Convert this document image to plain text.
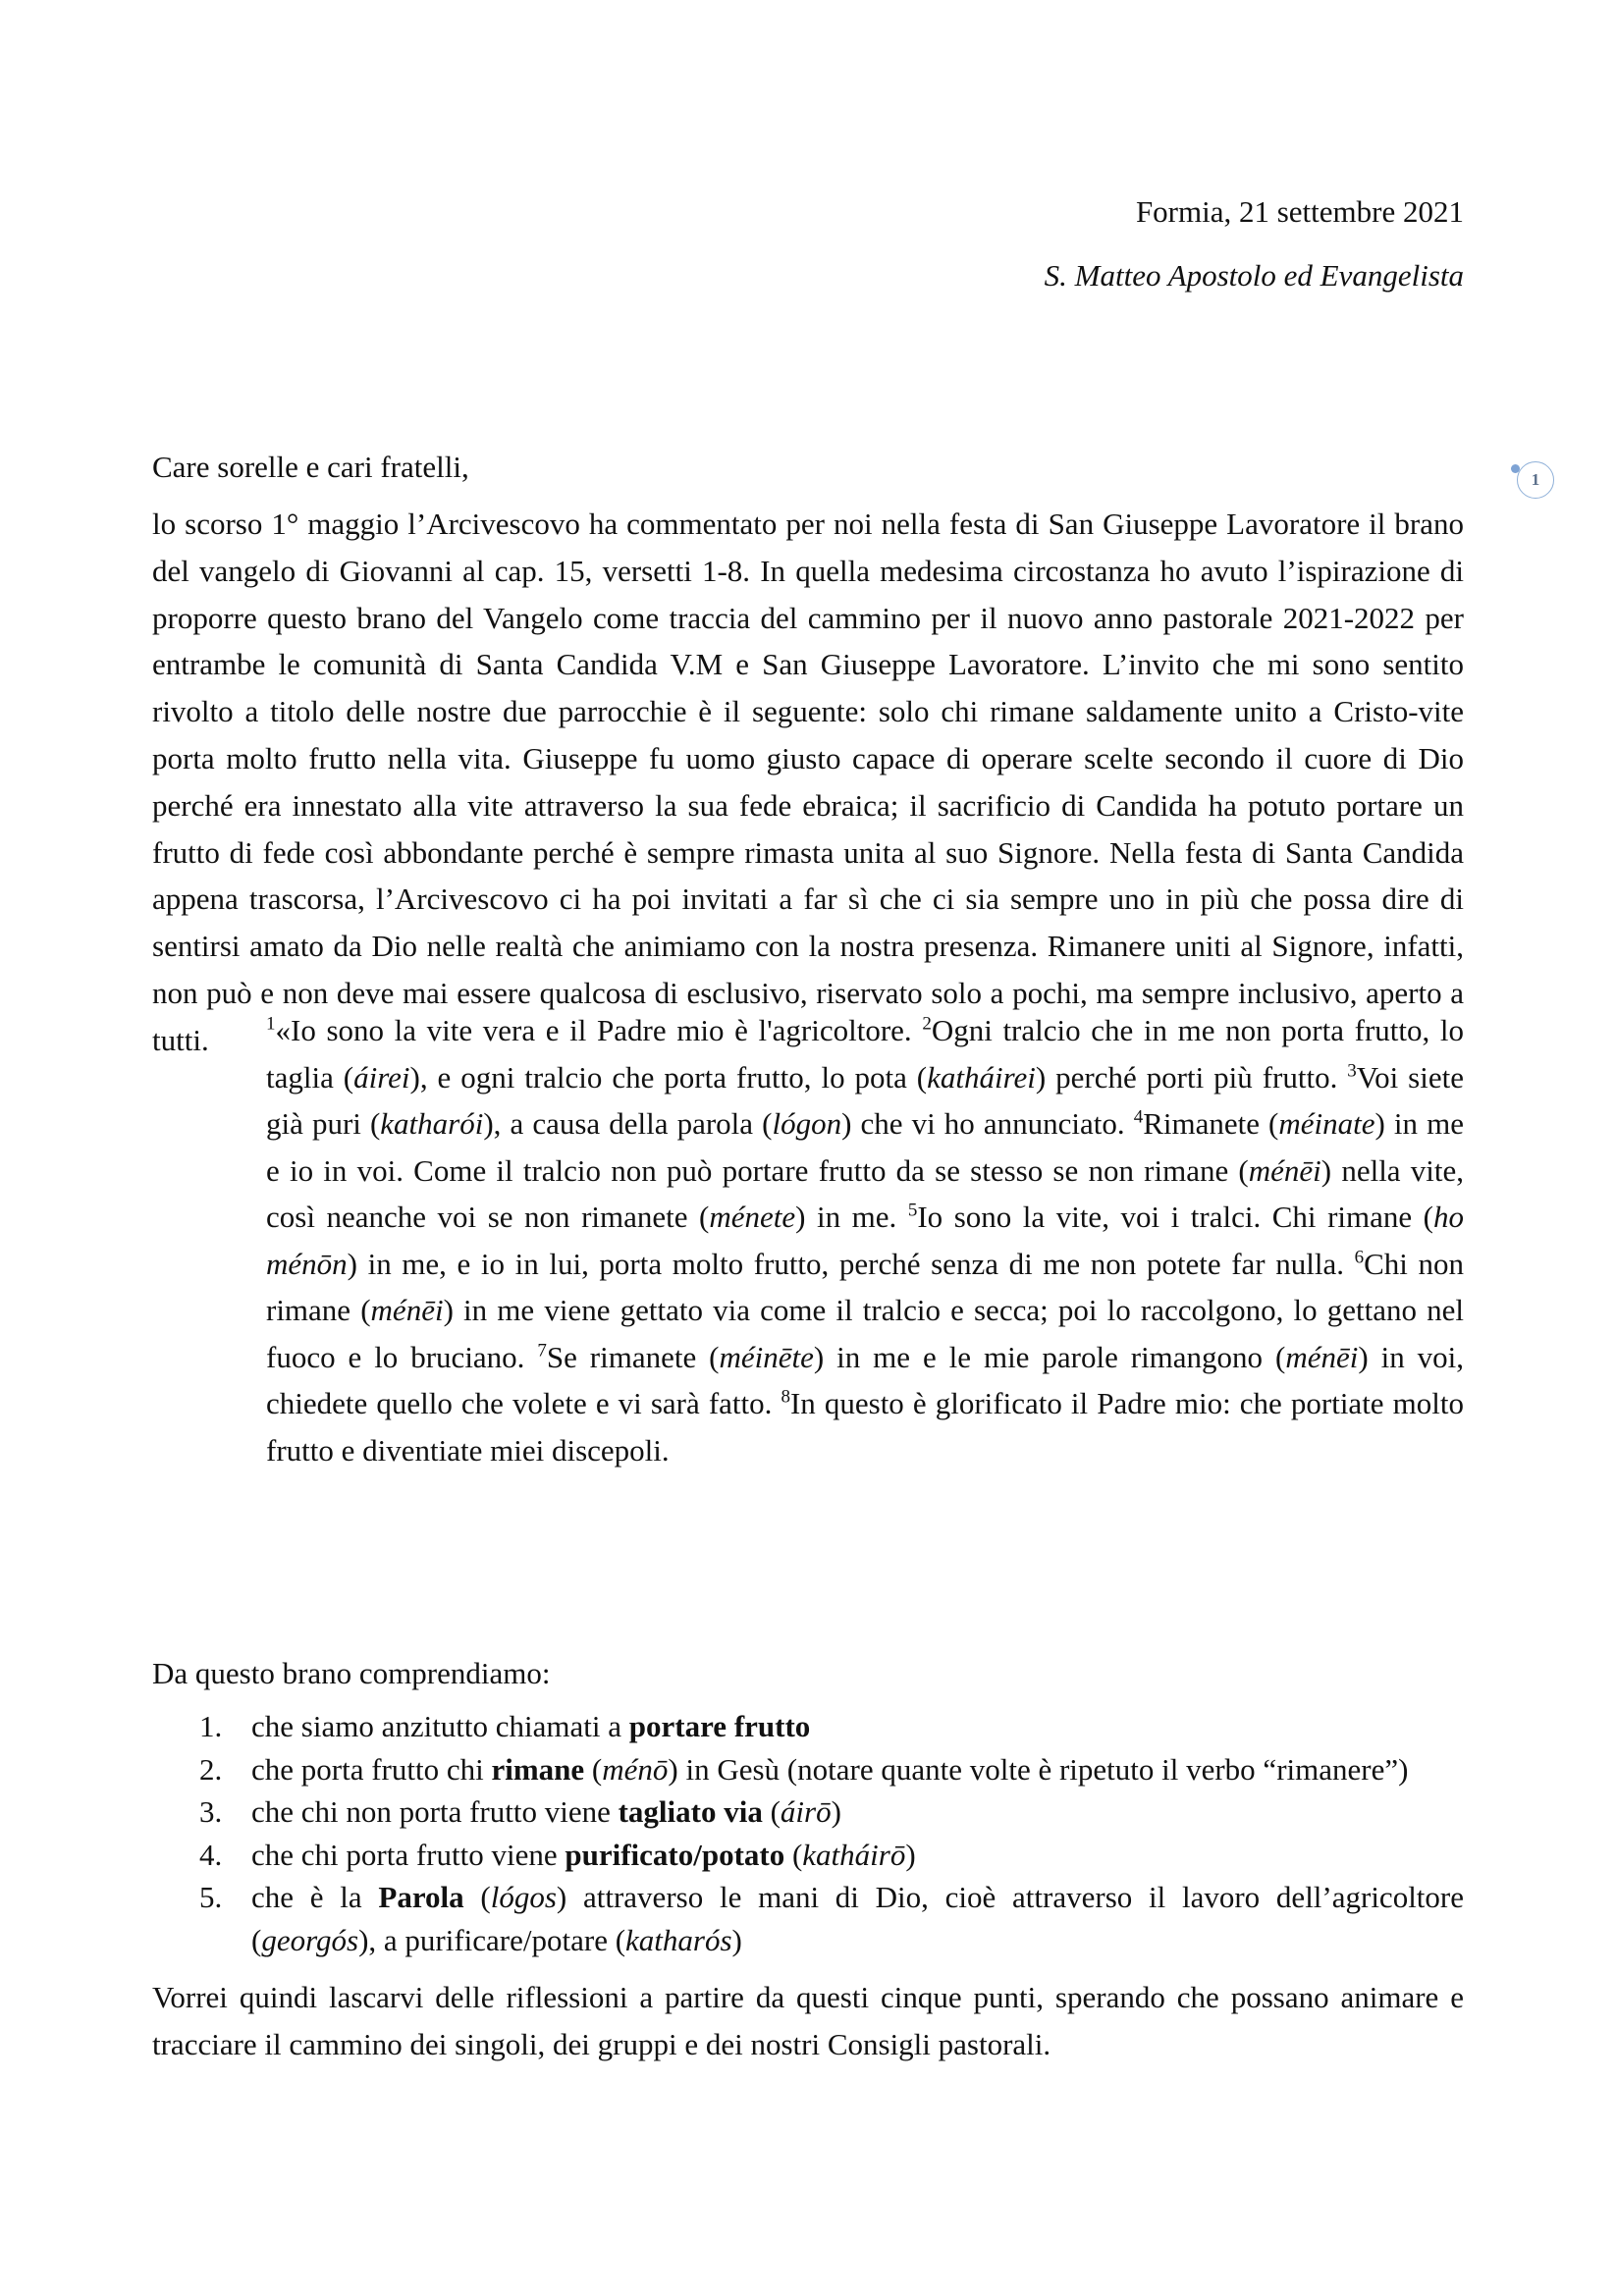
Formia, 21 settembre 2021
S. Matteo Apostolo ed Evangelista
1
Care sorelle e cari fratelli,
lo scorso 1° maggio l’Arcivescovo ha commentato per noi nella festa di San Giuseppe Lavoratore il brano del vangelo di Giovanni al cap. 15, versetti 1-8. In quella medesima circostanza ho avuto l’ispirazione di proporre questo brano del Vangelo come traccia del cammino per il nuovo anno pastorale 2021-2022 per entrambe le comunità di Santa Candida V.M e San Giuseppe Lavoratore. L’invito che mi sono sentito rivolto a titolo delle nostre due parrocchie è il seguente: solo chi rimane saldamente unito a Cristo-vite porta molto frutto nella vita. Giuseppe fu uomo giusto capace di operare scelte secondo il cuore di Dio perché era innestato alla vite attraverso la sua fede ebraica; il sacrificio di Candida ha potuto portare un frutto di fede così abbondante perché è sempre rimasta unita al suo Signore. Nella festa di Santa Candida appena trascorsa, l’Arcivescovo ci ha poi invitati a far sì che ci sia sempre uno in più che possa dire di sentirsi amato da Dio nelle realtà che animiamo con la nostra presenza. Rimanere uniti al Signore, infatti, non può e non deve mai essere qualcosa di esclusivo, riservato solo a pochi, ma sempre inclusivo, aperto a tutti.	$^1$«Io sono la vite vera e il Padre mio è l'agricoltore. $^2$Ogni tralcio che in me non porta frutto, lo taglia (áirei), e ogni tralcio che porta frutto, lo pota (katháirei) perché porti più frutto. $^3$Voi siete già puri (katharói), a causa della parola (lógon) che vi ho annunciato. $^4$Rimanete (méinate) in me e io in voi. Come il tralcio non può portare frutto da se stesso se non rimane (ménēi) nella vite, così neanche voi se non rimanete (ménete) in me. $^5$Io sono la vite, voi i tralci. Chi rimane (ho ménōn) in me, e io in lui, porta molto frutto, perché senza di me non potete far nulla. $^6$Chi non rimane (ménēi) in me viene gettato via come il tralcio e secca; poi lo raccolgono, lo gettano nel fuoco e lo bruciano. $^7$Se rimanete (méinēte) in me e le mie parole rimangono (ménēi) in voi, chiedete quello che volete e vi sarà fatto. $^8$In questo è glorificato il Padre mio: che portiate molto frutto e diventiate miei discepoli.
Da questo brano comprendiamo:
1. che siamo anzitutto chiamati a portare frutto
2. che porta frutto chi rimane (ménō) in Gesù (notare quante volte è ripetuto il verbo “rimanere”)
3. che chi non porta frutto viene tagliato via (áirō)
4. che chi porta frutto viene purificato/potato (katháirō)
5. che è la Parola (lógos) attraverso le mani di Dio, cioè attraverso il lavoro dell’agricoltore (georgós), a purificare/potare (katharós)
Vorrei quindi lascarvi delle riflessioni a partire da questi cinque punti, sperando che possano animare e tracciare il cammino dei singoli, dei gruppi e dei nostri Consigli pastorali.
